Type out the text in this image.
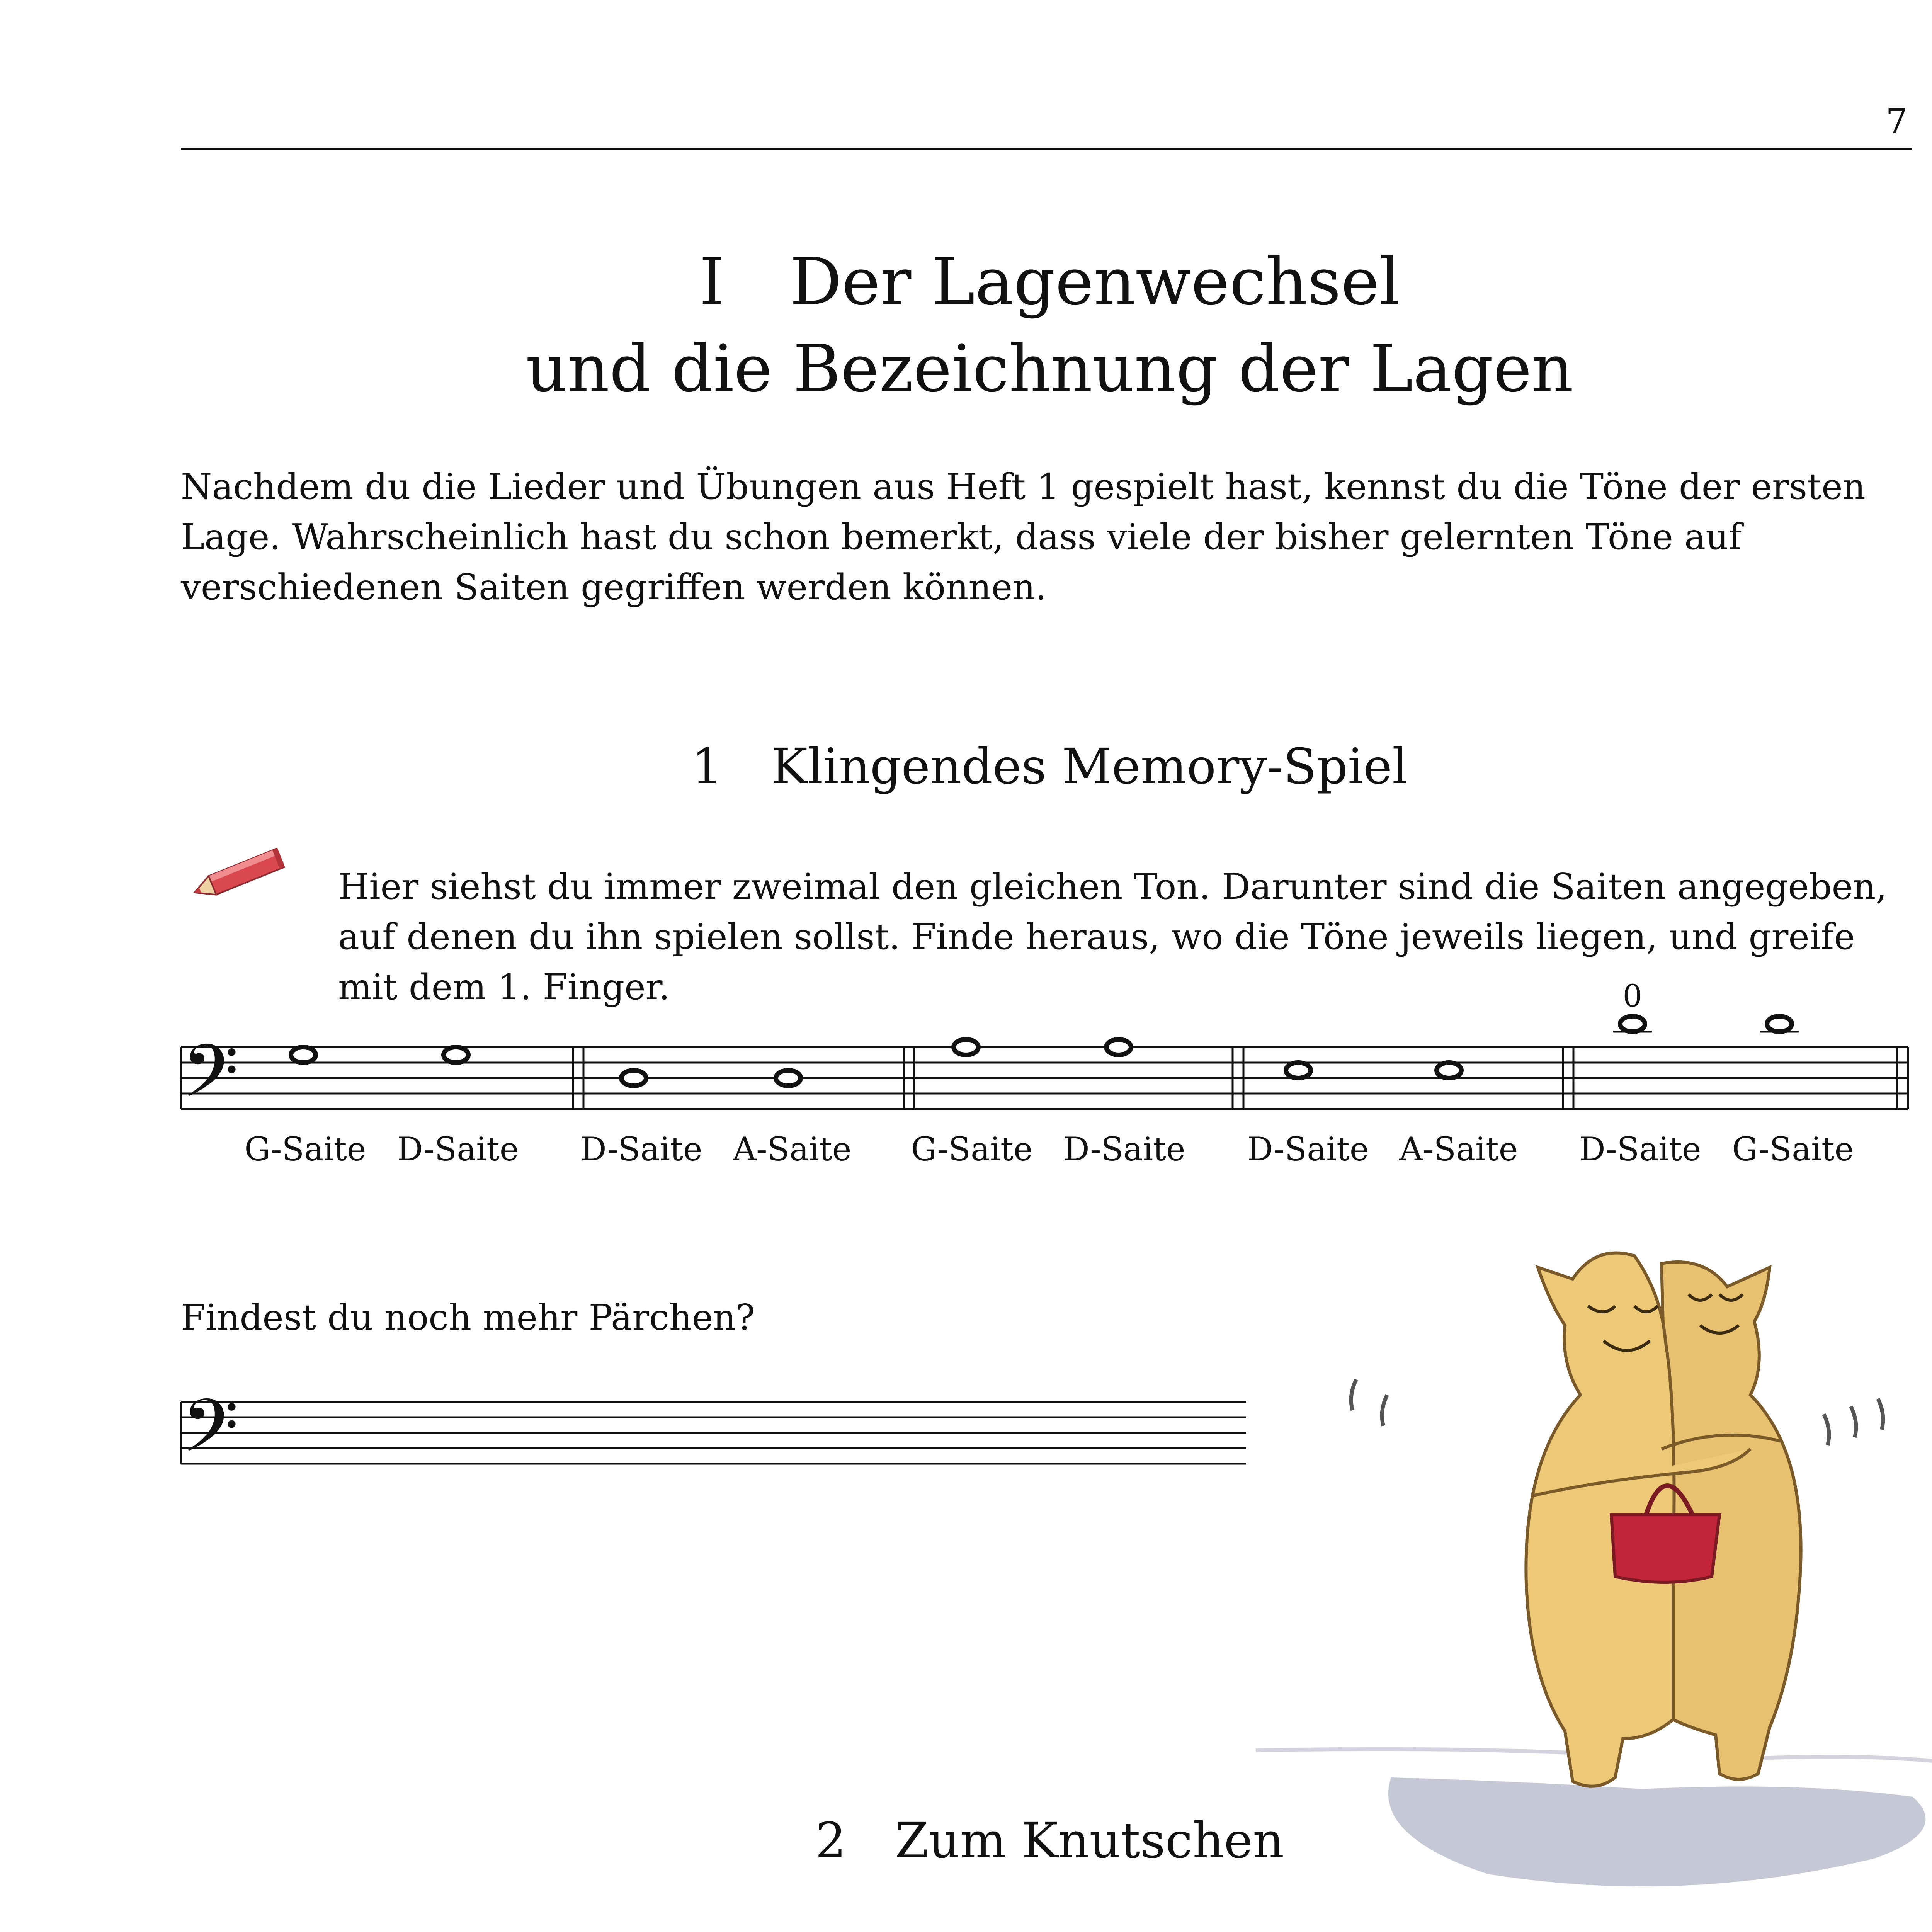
7
I Der Lagenwechsel
und die Bezeichnung der Lagen
Nachdem du die Lieder und Übungen aus Heft 1 gespielt hast, kennst du die Töne der ersten Lage. Wahrscheinlich hast du schon bemerkt, dass viele der bisher gelernten Töne auf verschiedenen Saiten gegriffen werden können.
1 Klingendes Memory-Spiel
Hier siehst du immer zweimal den gleichen Ton. Darunter sind die Saiten angegeben, auf denen du ihn spielen sollst. Finde heraus, wo die Töne jeweils liegen, und greife mit dem 1. Finger.
𝄢
0
G-Saite D-Saite D-Saite A-Saite G-Saite D-Saite D-Saite A-Saite D-Saite G-Saite
Findest du noch mehr Pärchen?
𝄢
2 Zum Knutschen
